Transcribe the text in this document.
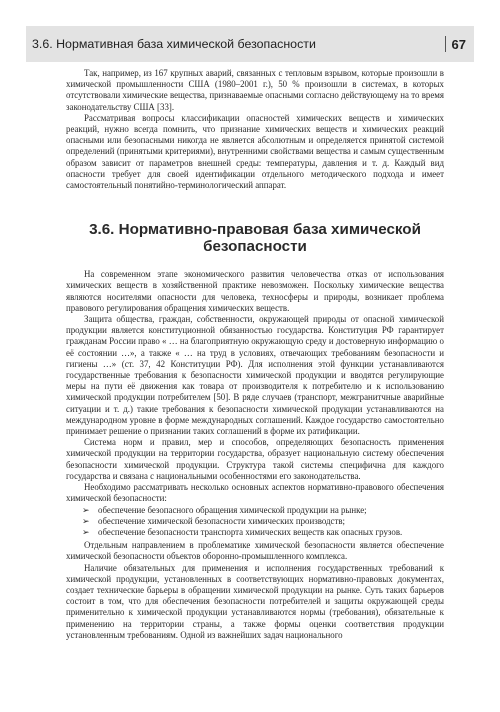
3.6. Нормативная база химической безопасности	67

Так, например, из 167 крупных аварий, связанных с тепловым взрывом, которые произошли в химической промышленности США (1980–2001 г.), 50 % произошли в системах, в которых отсутствовали химические вещества, признаваемые опасными согласно действующему на то время законодательству США [33].

Рассматривая вопросы классификации опасностей химических веществ и химических реакций, нужно всегда помнить, что признание химических веществ и химических реакций опасными или безопасными никогда не является абсолютным и определяется принятой системой определений (принятыми критериями), внутренними свойствами вещества и самым существенным образом зависит от параметров внешней среды: температуры, давления и т. д. Каждый вид опасности требует для своей идентификации отдельного методического подхода и имеет самостоятельный понятийно-терминологический аппарат.

3.6. Нормативно-правовая база химической безопасности

На современном этапе экономического развития человечества отказ от использования химических веществ в хозяйственной практике невозможен. Поскольку химические вещества являются носителями опасности для человека, техносферы и природы, возникает проблема правового регулирования обращения химических веществ.

Защита общества, граждан, собственности, окружающей природы от опасной химической продукции является конституционной обязанностью государства. Конституция РФ гарантирует гражданам России право « … на благоприятную окружающую среду и достоверную информацию о её состоянии …», а также « … на труд в условиях, отвечающих требованиям безопасности и гигиены …» (ст. 37, 42 Конституции РФ). Для исполнения этой функции устанавливаются государственные требования к безопасности химической продукции и вводятся регулирующие меры на пути её движения как товара от производителя к потребителю и к использованию химической продукции потребителем [50]. В ряде случаев (транспорт, межгранитчные аварийные ситуации и т. д.) такие требования к безопасности химической продукции устанавливаются на международном уровне в форме международных соглашений. Каждое государство самостоятельно принимает решение о признании таких соглашений в форме их ратификации.

Система норм и правил, мер и способов, определяющих безопасность применения химической продукции на территории государства, образует национальную систему обеспечения безопасности химической продукции. Структура такой системы специфична для каждого государства и связана с национальными особенностями его законодательства.

Необходимо рассматривать несколько основных аспектов нормативно-правового обеспечения химической безопасности:

➢ обеспечение безопасного обращения химической продукции на рынке;
➢ обеспечение химической безопасности химических производств;
➢ обеспечение безопасности транспорта химических веществ как опасных грузов.

Отдельным направлением в проблематике химической безопасности является обеспечение химической безопасности объектов оборонно-промышленного комплекса.

Наличие обязательных для применения и исполнения государственных требований к химической продукции, установленных в соответствующих нормативно-правовых документах, создает технические барьеры в обращении химической продукции на рынке. Суть таких барьеров состоит в том, что для обеспечения безопасности потребителей и защиты окружающей среды применительно к химической продукции устанавливаются нормы (требования), обязательные к применению на территории страны, а также формы оценки соответствия продукции установленным требованиям. Одной из важнейших задач национального
